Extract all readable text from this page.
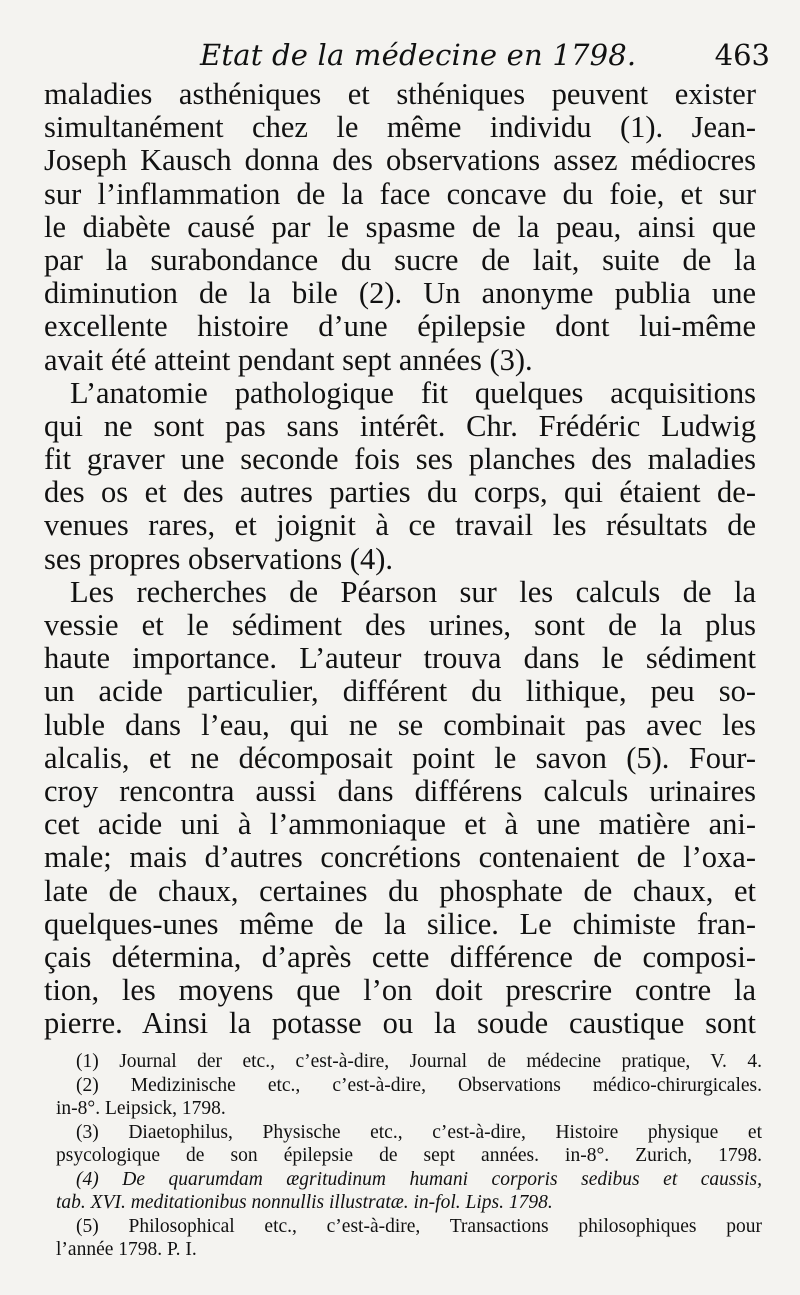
Etat de la médecine en 1798.	463
maladies asthéniques et sthéniques peuvent exister
simultanément chez le même individu (1). Jean-
Joseph Kausch donna des observations assez médiocres
sur l’inflammation de la face concave du foie, et sur
le diabète causé par le spasme de la peau, ainsi que
par la surabondance du sucre de lait, suite de la
diminution de la bile (2). Un anonyme publia une
excellente histoire d’une épilepsie dont lui-même
avait été atteint pendant sept années (3).
L’anatomie pathologique fit quelques acquisitions
qui ne sont pas sans intérêt. Chr. Frédéric Ludwig
fit graver une seconde fois ses planches des maladies
des os et des autres parties du corps, qui étaient de-
venues rares, et joignit à ce travail les résultats de
ses propres observations (4).
Les recherches de Péarson sur les calculs de la
vessie et le sédiment des urines, sont de la plus
haute importance. L’auteur trouva dans le sédiment
un acide particulier, différent du lithique, peu so-
luble dans l’eau, qui ne se combinait pas avec les
alcalis, et ne décomposait point le savon (5). Four-
croy rencontra aussi dans différens calculs urinaires
cet acide uni à l’ammoniaque et à une matière ani-
male; mais d’autres concrétions contenaient de l’oxa-
late de chaux, certaines du phosphate de chaux, et
quelques-unes même de la silice. Le chimiste fran-
çais détermina, d’après cette différence de composi-
tion, les moyens que l’on doit prescrire contre la
pierre. Ainsi la potasse ou la soude caustique sont
(1) Journal der etc., c’est-à-dire, Journal de médecine pratique, V. 4.
(2) Medizinische etc., c’est-à-dire, Observations médico-chirurgicales.
in-8°. Leipsick, 1798.
(3) Diaetophilus, Physische etc., c’est-à-dire, Histoire physique et
psycologique de son épilepsie de sept années. in-8°. Zurich, 1798.
(4) De quarumdam ægritudinum humani corporis sedibus et caussis,
tab. XVI. meditationibus nonnullis illustratæ. in-fol. Lips. 1798.
(5) Philosophical etc., c’est-à-dire, Transactions philosophiques pour
l’année 1798. P. I.
